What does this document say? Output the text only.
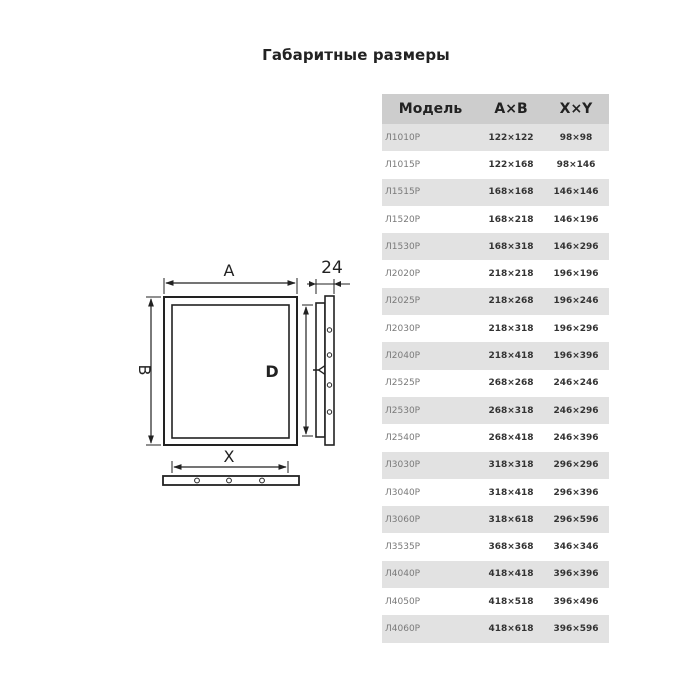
Габаритные размеры
D
A
B
X
Y
24
Модель	A×B	X×Y
Л1010Р	122×122	98×98
Л1015Р	122×168	98×146
Л1515Р	168×168	146×146
Л1520Р	168×218	146×196
Л1530Р	168×318	146×296
Л2020Р	218×218	196×196
Л2025Р	218×268	196×246
Л2030Р	218×318	196×296
Л2040Р	218×418	196×396
Л2525Р	268×268	246×246
Л2530Р	268×318	246×296
Л2540Р	268×418	246×396
Л3030Р	318×318	296×296
Л3040Р	318×418	296×396
Л3060Р	318×618	296×596
Л3535Р	368×368	346×346
Л4040Р	418×418	396×396
Л4050Р	418×518	396×496
Л4060Р	418×618	396×596
